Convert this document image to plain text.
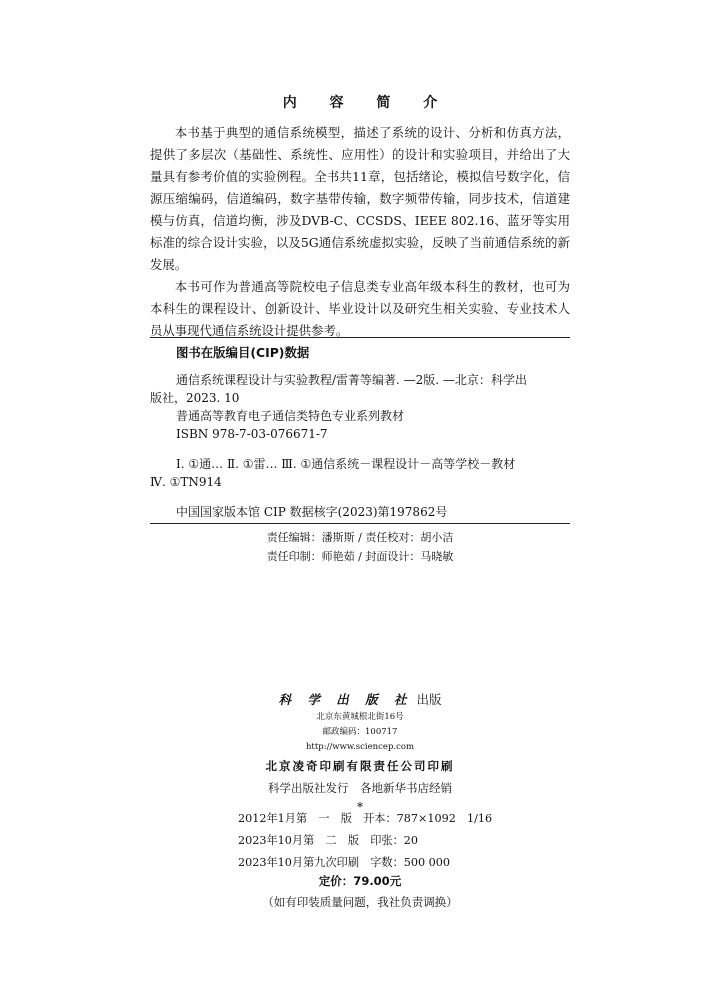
内 容 简 介

本书基于典型的通信系统模型，描述了系统的设计、分析和仿真方法，提供了多层次（基础性、系统性、应用性）的设计和实验项目，并给出了大量具有参考价值的实验例程。全书共11章，包括绪论，模拟信号数字化，信源压缩编码，信道编码，数字基带传输，数字频带传输，同步技术，信道建模与仿真，信道均衡，涉及DVB-C、CCSDS、IEEE 802.16、蓝牙等实用标准的综合设计实验，以及5G通信系统虚拟实验，反映了当前通信系统的新发展。

本书可作为普通高等院校电子信息类专业高年级本科生的教材，也可为本科生的课程设计、创新设计、毕业设计以及研究生相关实验、专业技术人员从事现代通信系统设计提供参考。

图书在版编目(CIP)数据
通信系统课程设计与实验教程/雷菁等编著. —2版. —北京：科学出
版社，2023. 10
普通高等教育电子通信类特色专业系列教材
ISBN 978-7-03-076671-7
Ⅰ. ①通… Ⅱ. ①雷… Ⅲ. ①通信系统－课程设计－高等学校－教材
Ⅳ. ①TN914
中国国家版本馆 CIP 数据核字(2023)第197862号
责任编辑：潘斯斯 / 责任校对：胡小洁
责任印制：师艳茹 / 封面设计：马晓敏
科 学 出 版 社 出版
北京东黄城根北街16号
邮政编码：100717
http://www.sciencep.com
北京凌奇印刷有限责任公司印刷
科学出版社发行　各地新华书店经销
*
2012年1月第　一　版　开本：787×1092　1/16
2023年10月第　二　版　印张：20
2023年10月第九次印刷　字数：500 000
定价：79.00元
（如有印装质量问题，我社负责调换）
